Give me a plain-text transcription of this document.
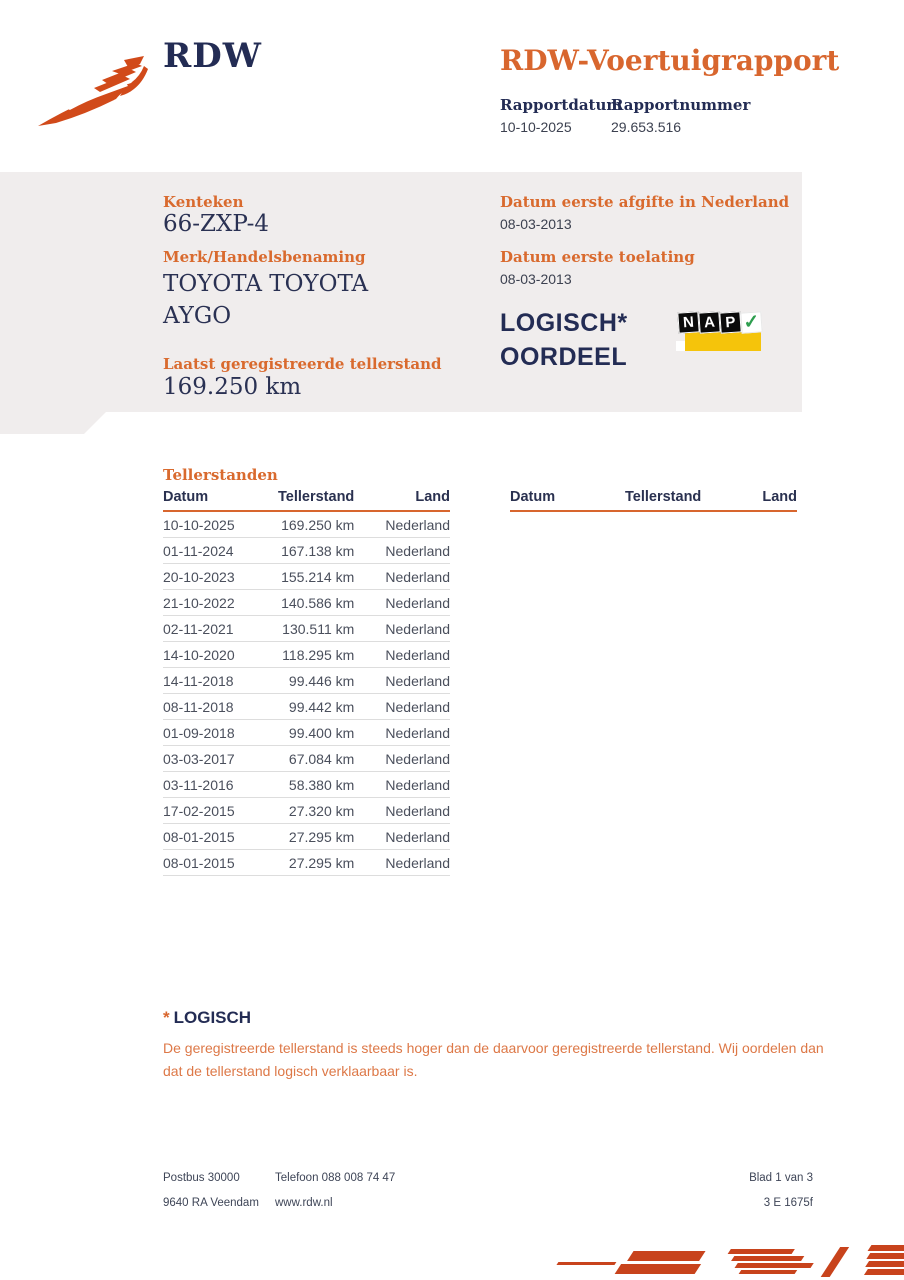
RDW	RDW-Voertuigrapport
Rapportdatum
Rapportnummer
10-10-2025	29.653.516
Kenteken
66-ZXP-4
Merk/Handelsbenaming
TOYOTA TOYOTA AYGO
Laatst geregistreerde tellerstand
169.250 km
Datum eerste afgifte in Nederland
08-03-2013
Datum eerste toelating
08-03-2013
LOGISCH*
OORDEEL
N A P ✓
Tellerstanden
Datum	Tellerstand	Land
10-10-2025	169.250 km	Nederland
01-11-2024	167.138 km	Nederland
20-10-2023	155.214 km	Nederland
21-10-2022	140.586 km	Nederland
02-11-2021	130.511 km	Nederland
14-10-2020	118.295 km	Nederland
14-11-2018	99.446 km	Nederland
08-11-2018	99.442 km	Nederland
01-09-2018	99.400 km	Nederland
03-03-2017	67.084 km	Nederland
03-11-2016	58.380 km	Nederland
17-02-2015	27.320 km	Nederland
08-01-2015	27.295 km	Nederland
08-01-2015	27.295 km	Nederland
Datum	Tellerstand	Land
* LOGISCH
De geregistreerde tellerstand is steeds hoger dan de daarvoor geregistreerde tellerstand. Wij oordelen dan dat de tellerstand logisch verklaarbaar is.
Postbus 30000
9640 RA Veendam
Telefoon 088 008 74 47
www.rdw.nl
Blad 1 van 3
3 E 1675f
